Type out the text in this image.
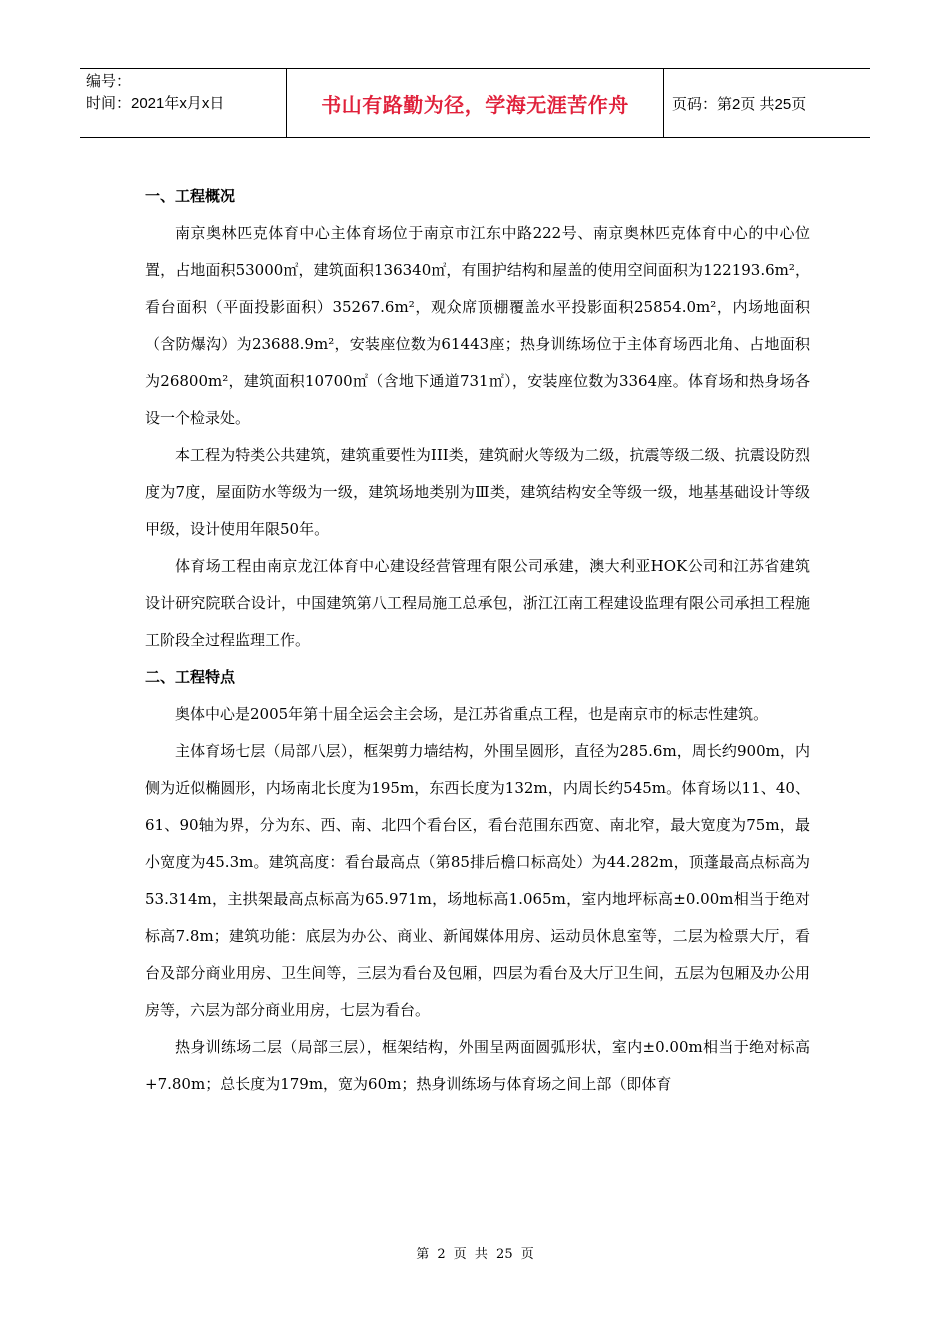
编号：
时间：2021年x月x日	书山有路勤为径，学海无涯苦作舟	页码：第2页 共25页
一、工程概况

南京奥林匹克体育中心主体育场位于南京市江东中路222号、南京奥林匹克体育中心的中心位置，占地面积53000㎡，建筑面积136340㎡，有围护结构和屋盖的使用空间面积为122193.6m²，看台面积（平面投影面积）35267.6m²，观众席顶棚覆盖水平投影面积25854.0m²，内场地面积（含防爆沟）为23688.9m²，安装座位数为61443座；热身训练场位于主体育场西北角、占地面积为26800m²，建筑面积10700㎡（含地下通道731㎡），安装座位数为3364座。体育场和热身场各设一个检录处。

本工程为特类公共建筑，建筑重要性为III类，建筑耐火等级为二级，抗震等级二级、抗震设防烈度为7度，屋面防水等级为一级，建筑场地类别为Ⅲ类，建筑结构安全等级一级，地基基础设计等级甲级，设计使用年限50年。

体育场工程由南京龙江体育中心建设经营管理有限公司承建，澳大利亚HOK公司和江苏省建筑设计研究院联合设计，中国建筑第八工程局施工总承包，浙江江南工程建设监理有限公司承担工程施工阶段全过程监理工作。

二、工程特点

奥体中心是2005年第十届全运会主会场，是江苏省重点工程，也是南京市的标志性建筑。

主体育场七层（局部八层），框架剪力墙结构，外围呈圆形，直径为285.6m，周长约900m，内侧为近似椭圆形，内场南北长度为195m，东西长度为132m，内周长约545m。体育场以11、40、61、90轴为界，分为东、西、南、北四个看台区，看台范围东西宽、南北窄，最大宽度为75m，最小宽度为45.3m。建筑高度：看台最高点（第85排后檐口标高处）为44.282m，顶蓬最高点标高为53.314m，主拱架最高点标高为65.971m，场地标高1.065m，室内地坪标高±0.00m相当于绝对标高7.8m；建筑功能：底层为办公、商业、新闻媒体用房、运动员休息室等，二层为检票大厅，看台及部分商业用房、卫生间等，三层为看台及包厢，四层为看台及大厅卫生间，五层为包厢及办公用房等，六层为部分商业用房，七层为看台。

热身训练场二层（局部三层），框架结构，外围呈两面圆弧形状，室内±0.00m相当于绝对标高+7.80m；总长度为179m，宽为60m；热身训练场与体育场之间上部（即体育

第 2 页 共 25 页
